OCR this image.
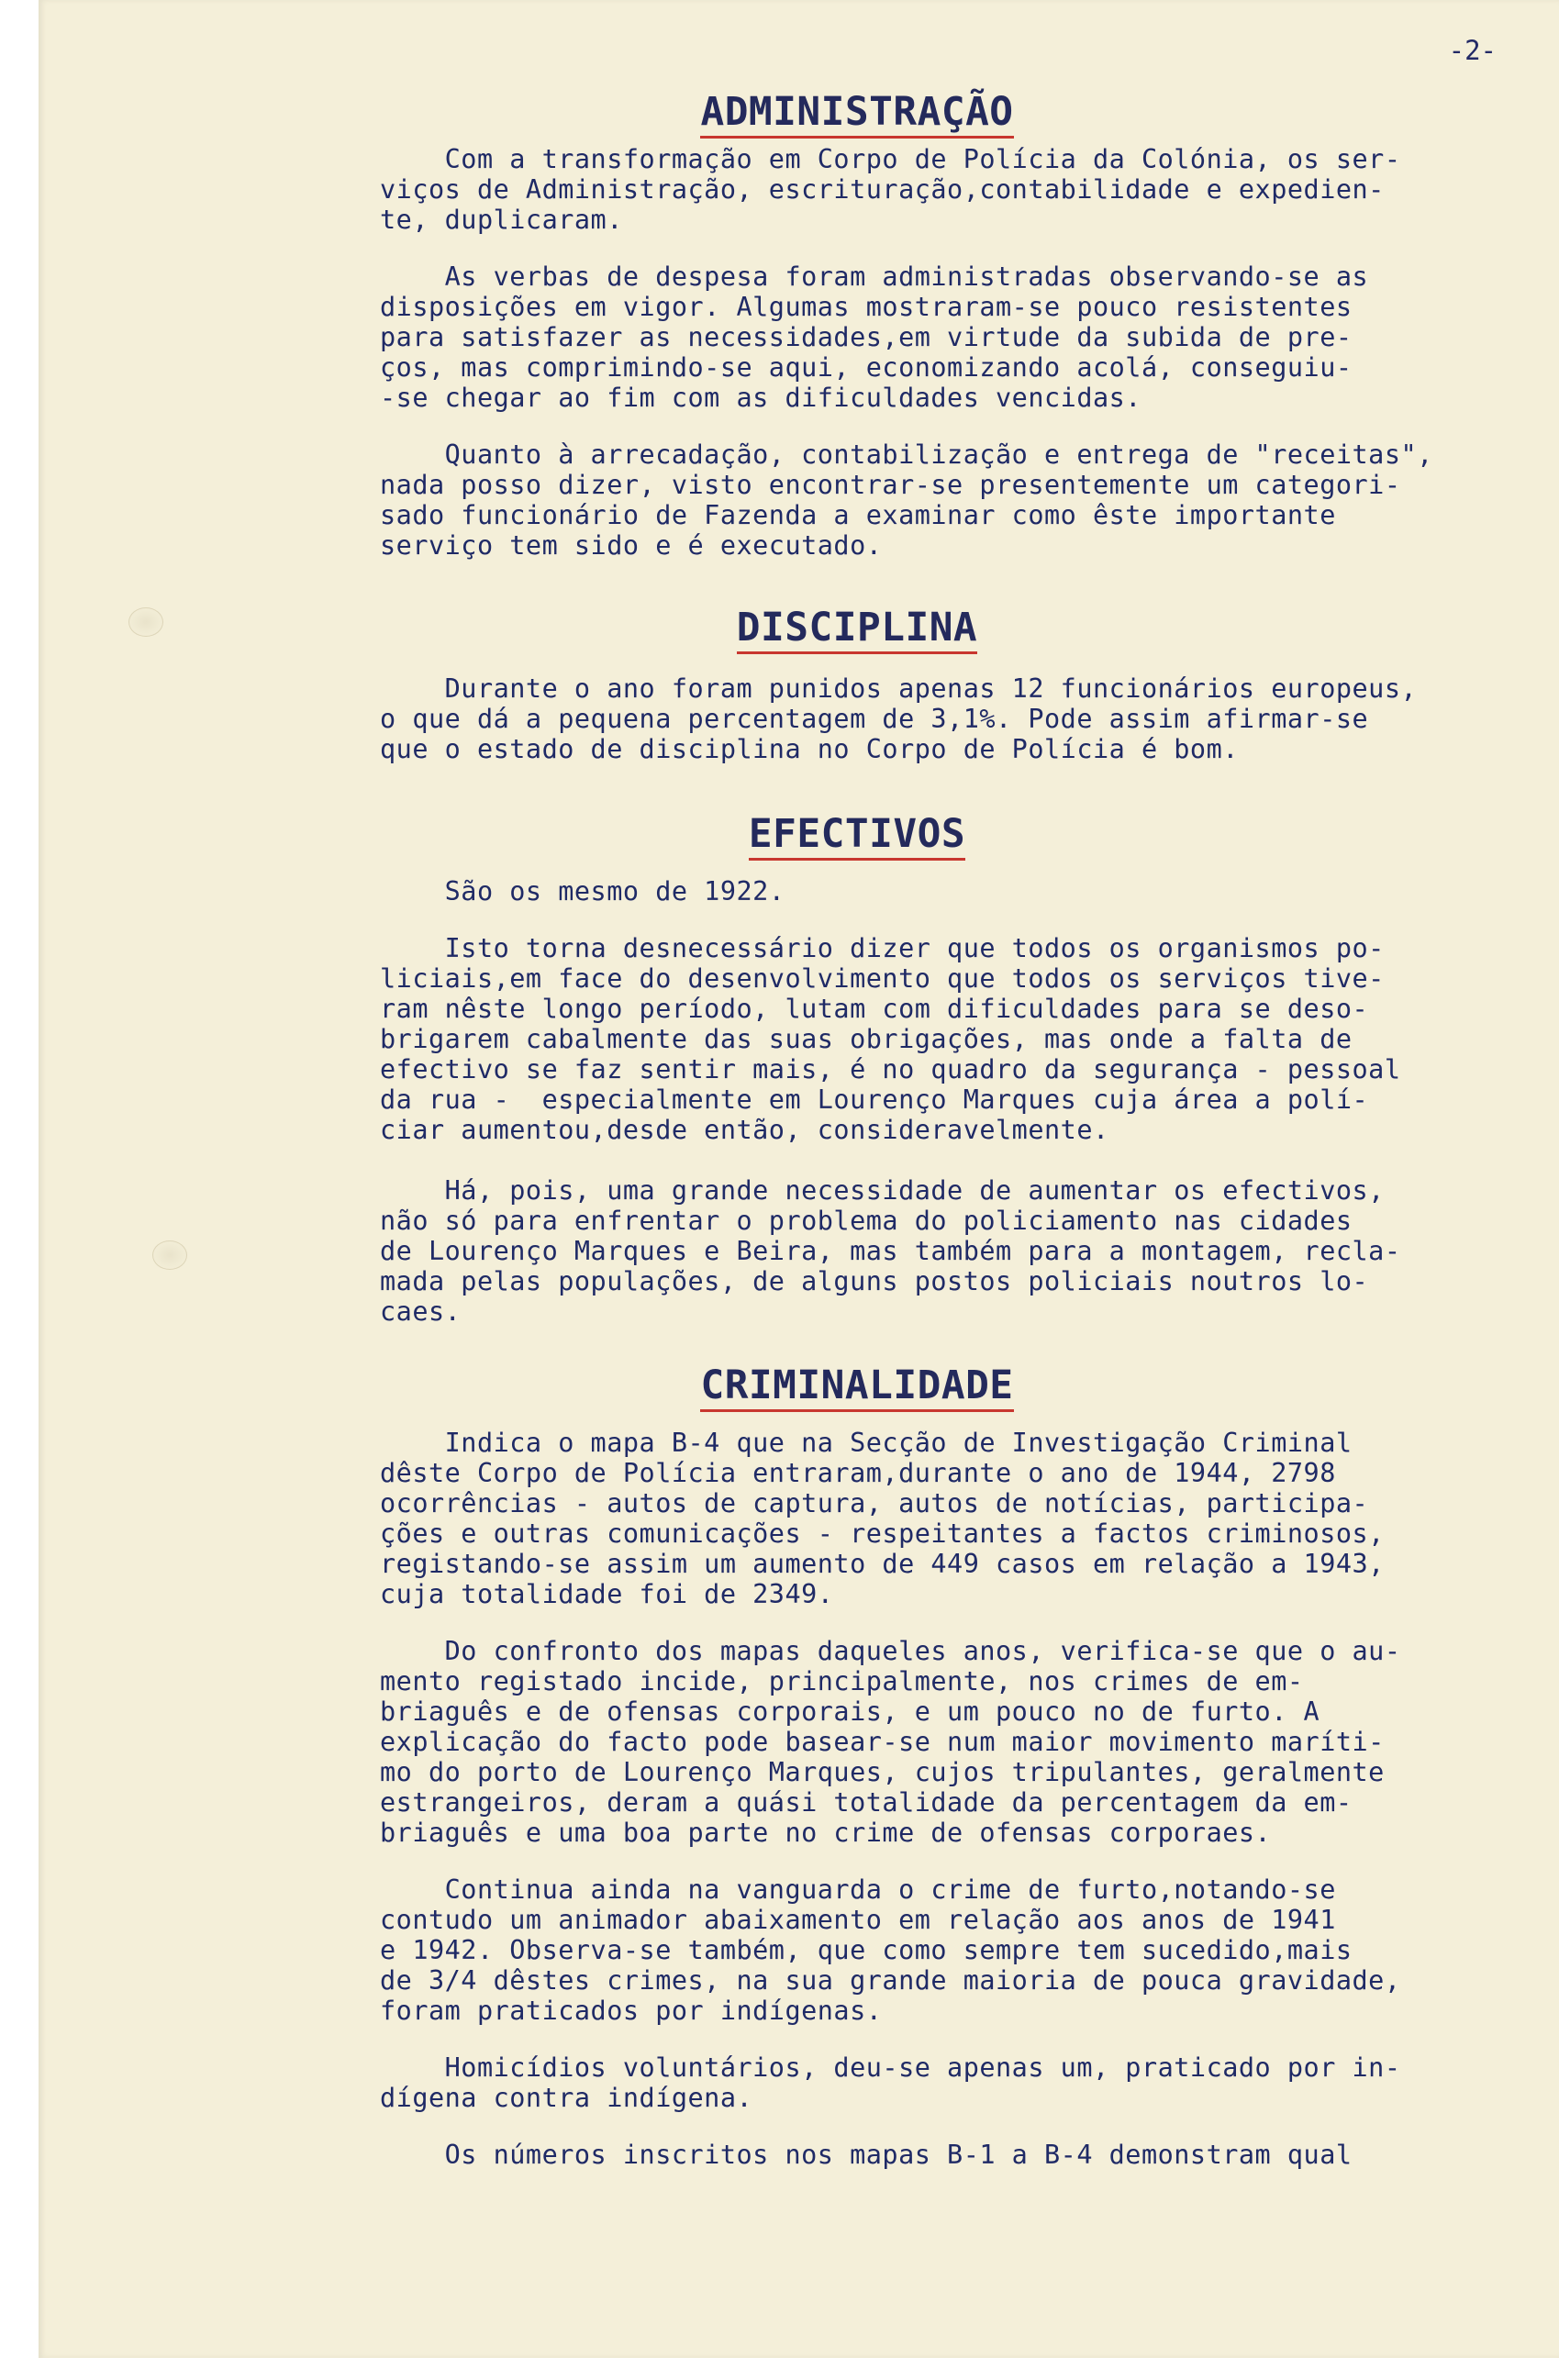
-2-
ADMINISTRAÇÃO

Com a transformação em Corpo de Polícia da Colónia, os ser-
viços de Administração, escrituração,contabilidade e expedien-
te, duplicaram.

As verbas de despesa foram administradas observando-se as
disposições em vigor. Algumas mostraram-se pouco resistentes
para satisfazer as necessidades,em virtude da subida de pre-
ços, mas comprimindo-se aqui, economizando acolá, conseguiu-
-se chegar ao fim com as dificuldades vencidas.

Quanto à arrecadação, contabilização e entrega de "receitas",
nada posso dizer, visto encontrar-se presentemente um categori-
sado funcionário de Fazenda a examinar como êste importante
serviço tem sido e é executado.

DISCIPLINA

Durante o ano foram punidos apenas 12 funcionários europeus,
o que dá a pequena percentagem de 3,1%. Pode assim afirmar-se
que o estado de disciplina no Corpo de Polícia é bom.

EFECTIVOS

São os mesmo de 1922.

Isto torna desnecessário dizer que todos os organismos po-
liciais,em face do desenvolvimento que todos os serviços tive-
ram nêste longo período, lutam com dificuldades para se deso-
brigarem cabalmente das suas obrigações, mas onde a falta de
efectivo se faz sentir mais, é no quadro da segurança - pessoal
da rua -  especialmente em Lourenço Marques cuja área a polí-
ciar aumentou,desde então, consideravelmente.

Há, pois, uma grande necessidade de aumentar os efectivos,
não só para enfrentar o problema do policiamento nas cidades
de Lourenço Marques e Beira, mas também para a montagem, recla-
mada pelas populações, de alguns postos policiais noutros lo-
caes.

CRIMINALIDADE

Indica o mapa B-4 que na Secção de Investigação Criminal
dêste Corpo de Polícia entraram,durante o ano de 1944, 2798
ocorrências - autos de captura, autos de notícias, participa-
ções e outras comunicações - respeitantes a factos criminosos,
registando-se assim um aumento de 449 casos em relação a 1943,
cuja totalidade foi de 2349.

Do confronto dos mapas daqueles anos, verifica-se que o au-
mento registado incide, principalmente, nos crimes de em-
briaguês e de ofensas corporais, e um pouco no de furto. A
explicação do facto pode basear-se num maior movimento maríti-
mo do porto de Lourenço Marques, cujos tripulantes, geralmente
estrangeiros, deram a quási totalidade da percentagem da em-
briaguês e uma boa parte no crime de ofensas corporaes.

Continua ainda na vanguarda o crime de furto,notando-se
contudo um animador abaixamento em relação aos anos de 1941
e 1942. Observa-se também, que como sempre tem sucedido,mais
de 3/4 dêstes crimes, na sua grande maioria de pouca gravidade,
foram praticados por indígenas.

Homicídios voluntários, deu-se apenas um, praticado por in-
dígena contra indígena.

Os números inscritos nos mapas B-1 a B-4 demonstram qual
